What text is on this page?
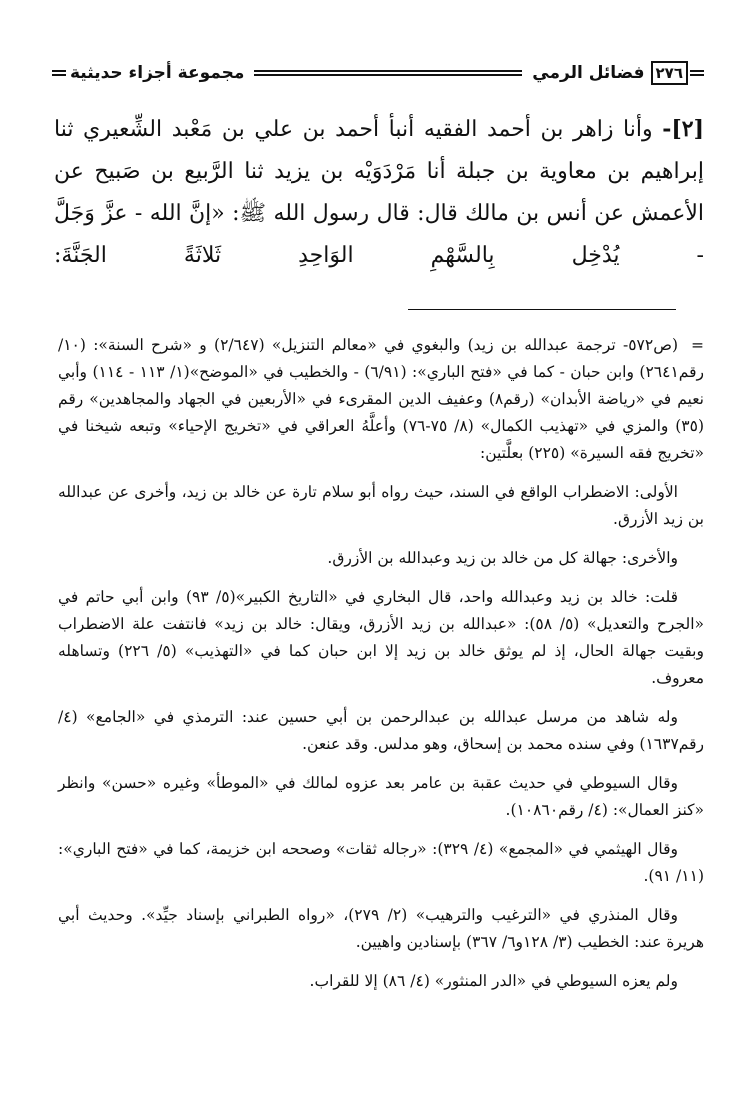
٢٧٦
فضائل الرمي
مجموعة أجزاء حديثية
[٢]- وأنا زاهر بن أحمد الفقيه أنبأ أحمد بن علي بن مَعْبد الشِّعيري ثنا إبراهيم بن معاوية بن جبلة أنا مَرْدَوَيْه بن يزيد ثنا الرَّبيع بن صَبيح عن الأعمش عن أنس بن مالك قال: قال رسول الله ﷺ: «إنَّ الله - عزَّ وَجَلَّ - يُدْخِل بِالسَّهْمِ الوَاحِدِ ثَلاثَةً الجَنَّةَ:

=(ص٥٧٢- ترجمة عبدالله بن زيد) والبغوي في «معالم التنزيل» (٢/٦٤٧) و «شرح السنة»: (١٠/رقم٢٦٤١) وابن حبان - كما في «فتح الباري»: (٦/٩١) - والخطيب في «الموضح»(١/ ١١٣ - ١١٤) وأبي نعيم في «رياضة الأبدان» (رقم٨) وعفيف الدين المقرىء في «الأربعين في الجهاد والمجاهدين» رقم (٣٥) والمزي في «تهذيب الكمال» (٨/ ٧٥-٧٦) وأعلَّهُ العراقي في «تخريج الإحياء» وتبعه شيخنا في «تخريج فقه السيرة» (٢٢٥) بعلَّتين:

الأولى: الاضطراب الواقع في السند، حيث رواه أبو سلام تارة عن خالد بن زيد، وأخرى عن عبدالله بن زيد الأزرق.

والأخرى: جهالة كل من خالد بن زيد وعبدالله بن الأزرق.

قلت: خالد بن زيد وعبدالله واحد، قال البخاري في «التاريخ الكبير»(٥/ ٩٣) وابن أبي حاتم في «الجرح والتعديل» (٥/ ٥٨): «عبدالله بن زيد الأزرق، ويقال: خالد بن زيد» فانتفت علة الاضطراب وبقيت جهالة الحال، إذ لم يوثق خالد بن زيد إلا ابن حبان كما في «التهذيب» (٥/ ٢٢٦) وتساهله معروف.

وله شاهد من مرسل عبدالله بن عبدالرحمن بن أبي حسين عند: الترمذي في «الجامع» (٤/ رقم١٦٣٧) وفي سنده محمد بن إسحاق، وهو مدلس. وقد عنعن.

وقال السيوطي في حديث عقبة بن عامر بعد عزوه لمالك في «الموطأ» وغيره «حسن» وانظر «كنز العمال»: (٤/ رقم١٠٨٦٠).

وقال الهيثمي في «المجمع» (٤/ ٣٢٩): «رجاله ثقات» وصححه ابن خزيمة، كما في «فتح الباري»: (١١/ ٩١).

وقال المنذري في «الترغيب والترهيب» (٢/ ٢٧٩)، «رواه الطبراني بإسناد جيِّد». وحديث أبي هريرة عند: الخطيب (٣/ ١٢٨و٦/ ٣٦٧) بإسنادين واهيين.

ولم يعزه السيوطي في «الدر المنثور» (٤/ ٨٦) إلا للقراب.
